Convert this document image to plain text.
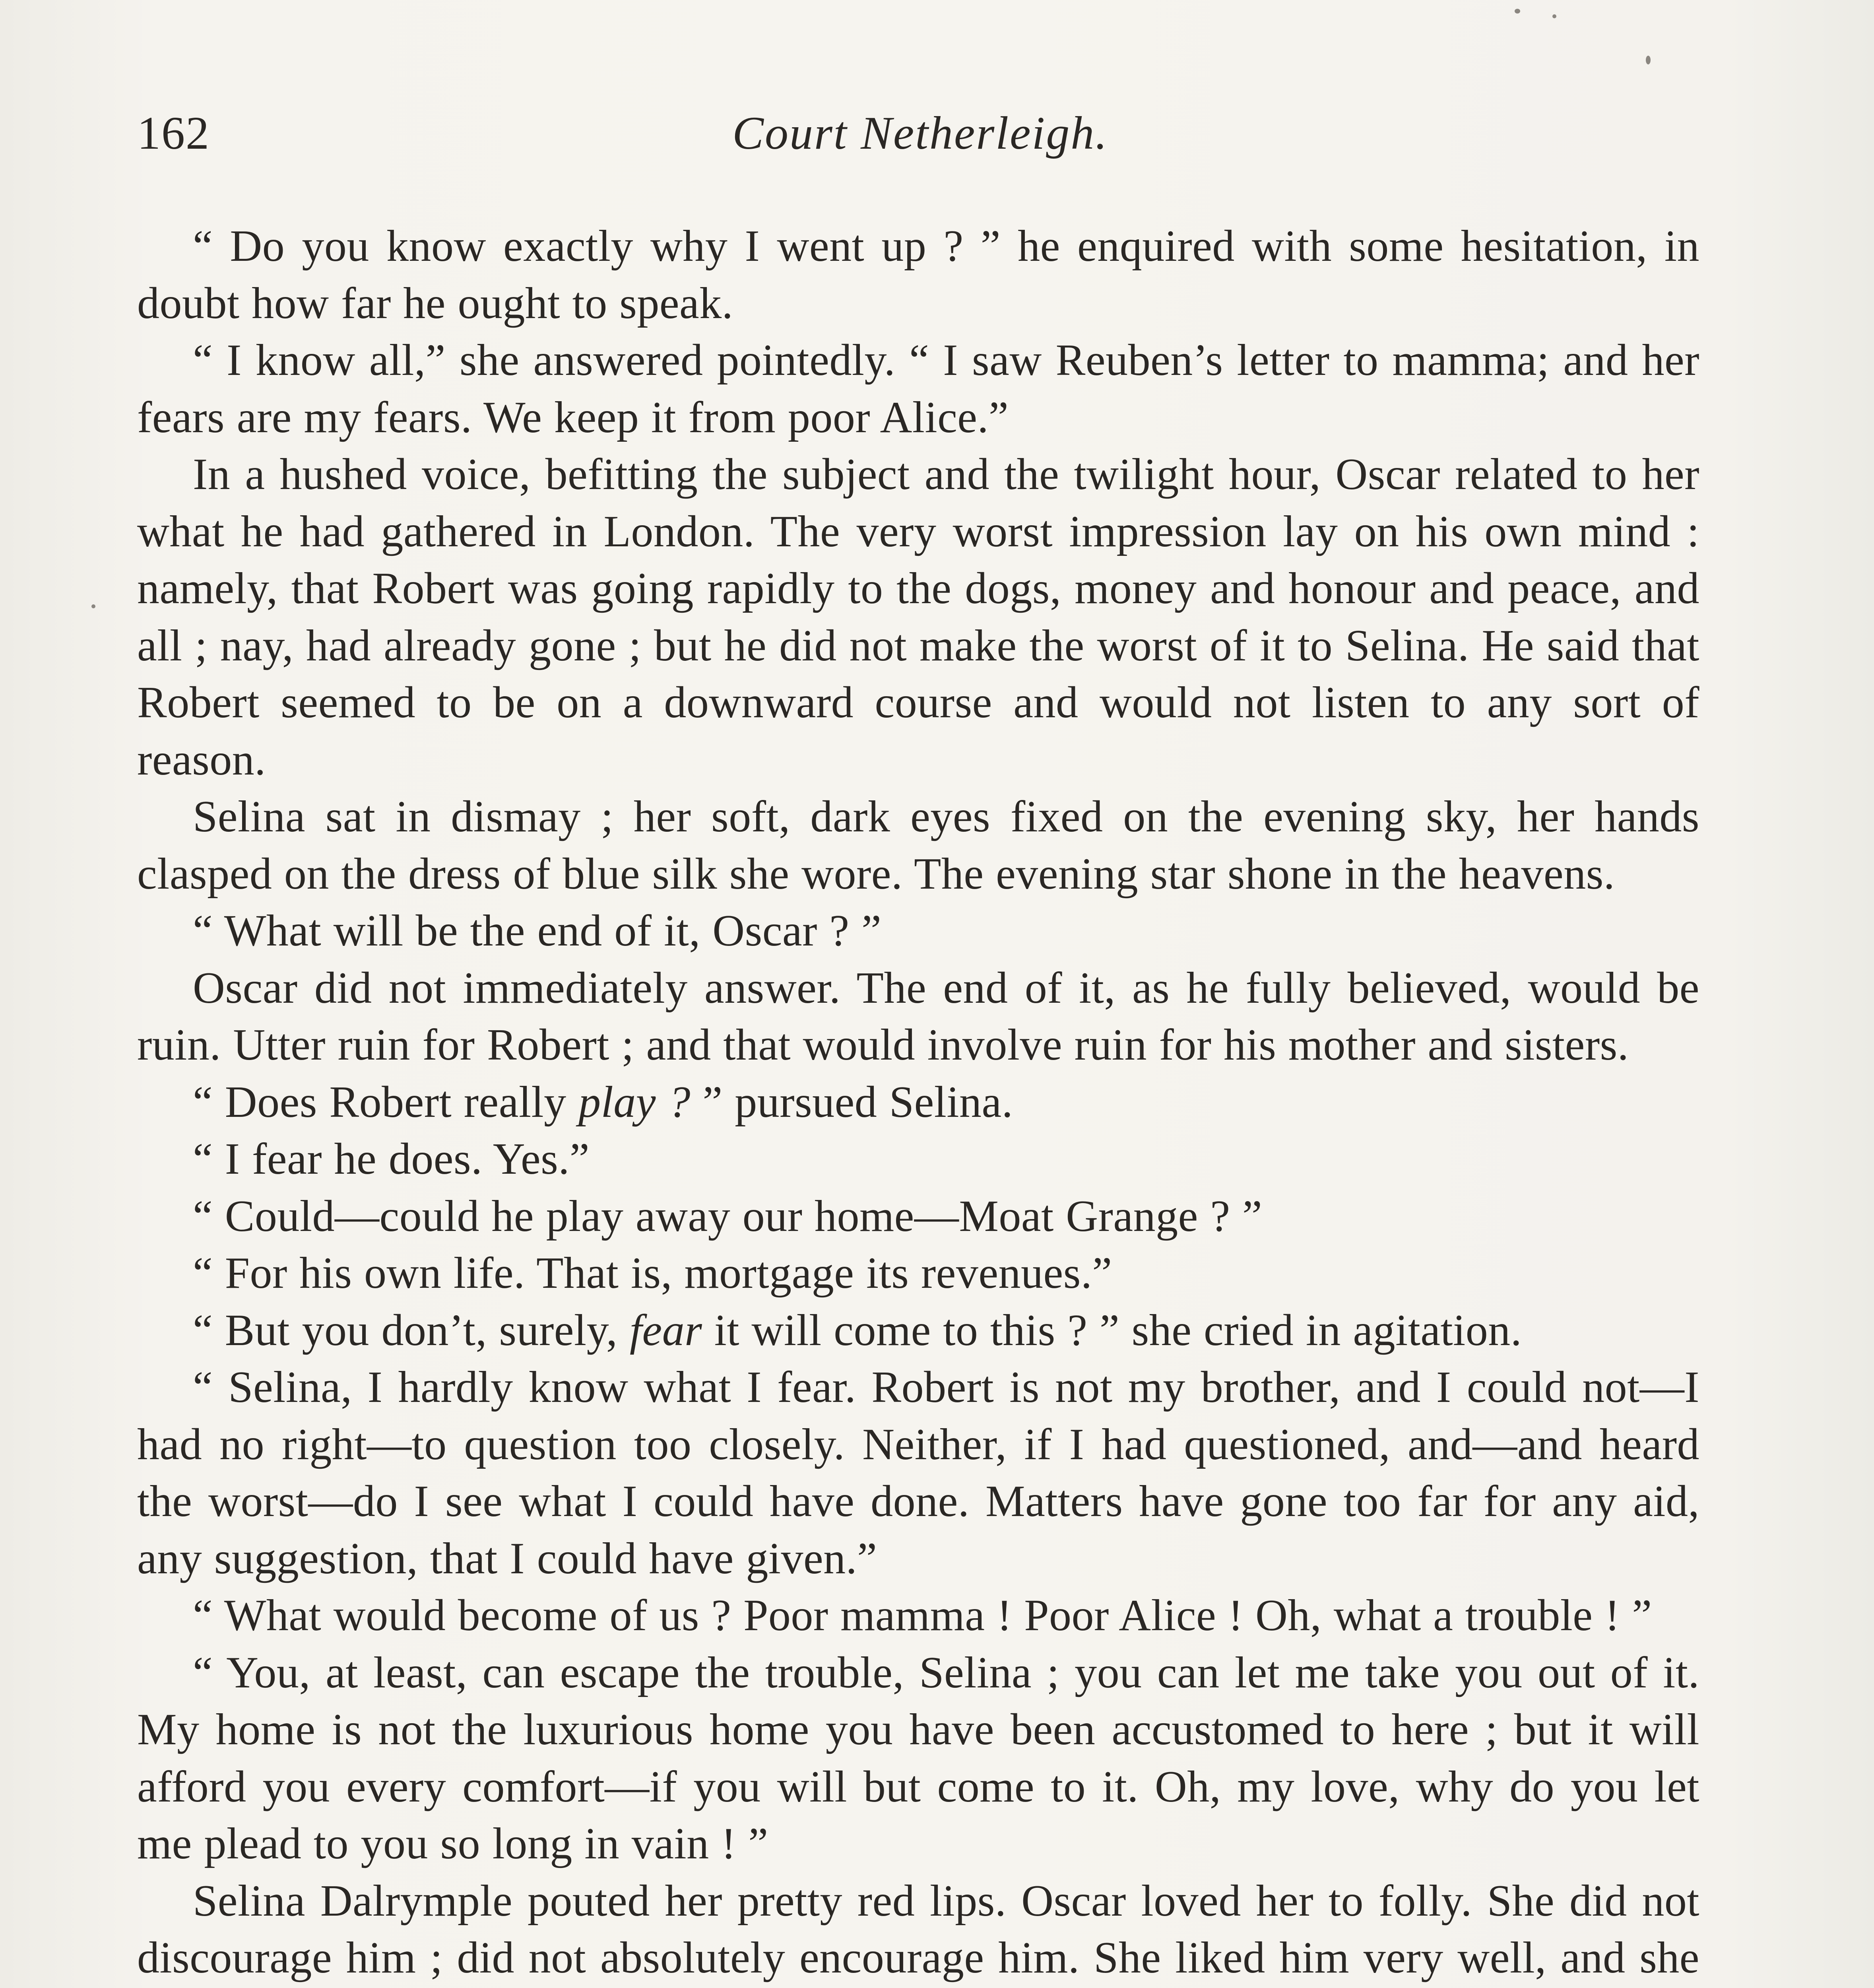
162	Court Netherleigh.

“ Do you know exactly why I went up ? ” he enquired with some hesitation, in doubt how far he ought to speak.

“ I know all,” she answered pointedly. “ I saw Reuben’s letter to mamma; and her fears are my fears. We keep it from poor Alice.”

In a hushed voice, befitting the subject and the twilight hour, Oscar related to her what he had gathered in London. The very worst impression lay on his own mind : namely, that Robert was going rapidly to the dogs, money and honour and peace, and all ; nay, had already gone ; but he did not make the worst of it to Selina. He said that Robert seemed to be on a downward course and would not listen to any sort of reason.

Selina sat in dismay ; her soft, dark eyes fixed on the evening sky, her hands clasped on the dress of blue silk she wore. The evening star shone in the heavens.

“ What will be the end of it, Oscar ? ”

Oscar did not immediately answer. The end of it, as he fully believed, would be ruin. Utter ruin for Robert ; and that would involve ruin for his mother and sisters.

“ Does Robert really play ? ” pursued Selina.

“ I fear he does. Yes.”

“ Could—could he play away our home—Moat Grange ? ”

“ For his own life. That is, mortgage its revenues.”

“ But you don’t, surely, fear it will come to this ? ” she cried in agitation.

“ Selina, I hardly know what I fear. Robert is not my brother, and I could not—I had no right—to question too closely. Neither, if I had questioned, and—and heard the worst—do I see what I could have done. Matters have gone too far for any aid, any suggestion, that I could have given.”

“ What would become of us ? Poor mamma ! Poor Alice ! Oh, what a trouble ! ”

“ You, at least, can escape the trouble, Selina ; you can let me take you out of it. My home is not the luxurious home you have been accustomed to here ; but it will afford you every comfort—if you will but come to it. Oh, my love, why do you let me plead to you so long in vain ! ”

Selina Dalrymple pouted her pretty red lips. Oscar loved her to folly. She did not discourage him ; did not absolutely encourage him. She liked him very well, and she
